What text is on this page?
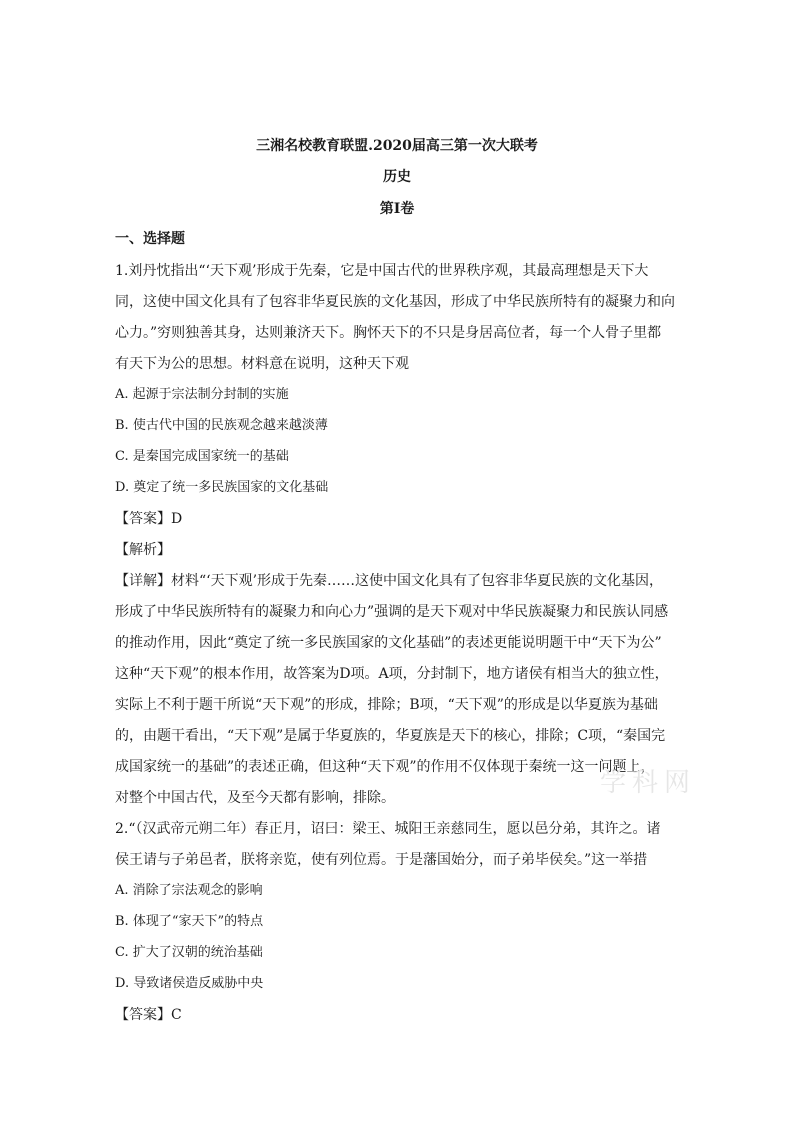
三湘名校教育联盟.2020届高三第一次大联考
历史
第I卷
一、选择题
1.刘丹忱指出“‘天下观’形成于先秦，它是中国古代的世界秩序观，其最高理想是天下大
同，这使中国文化具有了包容非华夏民族的文化基因，形成了中华民族所特有的凝聚力和向
心力。”穷则独善其身，达则兼济天下。胸怀天下的不只是身居高位者，每一个人骨子里都
有天下为公的思想。材料意在说明，这种天下观
A. 起源于宗法制分封制的实施
B. 使古代中国的民族观念越来越淡薄
C. 是秦国完成国家统一的基础
D. 奠定了统一多民族国家的文化基础
【答案】D
【解析】
【详解】材料“‘天下观’形成于先秦……这使中国文化具有了包容非华夏民族的文化基因，
形成了中华民族所特有的凝聚力和向心力”强调的是天下观对中华民族凝聚力和民族认同感
的推动作用，因此“奠定了统一多民族国家的文化基础”的表述更能说明题干中“天下为公”
这种“天下观”的根本作用，故答案为D项。A项，分封制下，地方诸侯有相当大的独立性，
实际上不利于题干所说“天下观”的形成，排除；B项，“天下观”的形成是以华夏族为基础
的，由题干看出，“天下观”是属于华夏族的，华夏族是天下的核心，排除；C项，“秦国完
成国家统一的基础”的表述正确，但这种“天下观”的作用不仅体现于秦统一这一问题上，
对整个中国古代，及至今天都有影响，排除。
2.“（汉武帝元朔二年）春正月，诏曰：梁王、城阳王亲慈同生，愿以邑分弟，其许之。诸
侯王请与子弟邑者，朕将亲览，使有列位焉。于是藩国始分，而子弟毕侯矣。”这一举措
A. 消除了宗法观念的影响
B. 体现了“家天下”的特点
C. 扩大了汉朝的统治基础
D. 导致诸侯造反威胁中央
【答案】C
学科网
